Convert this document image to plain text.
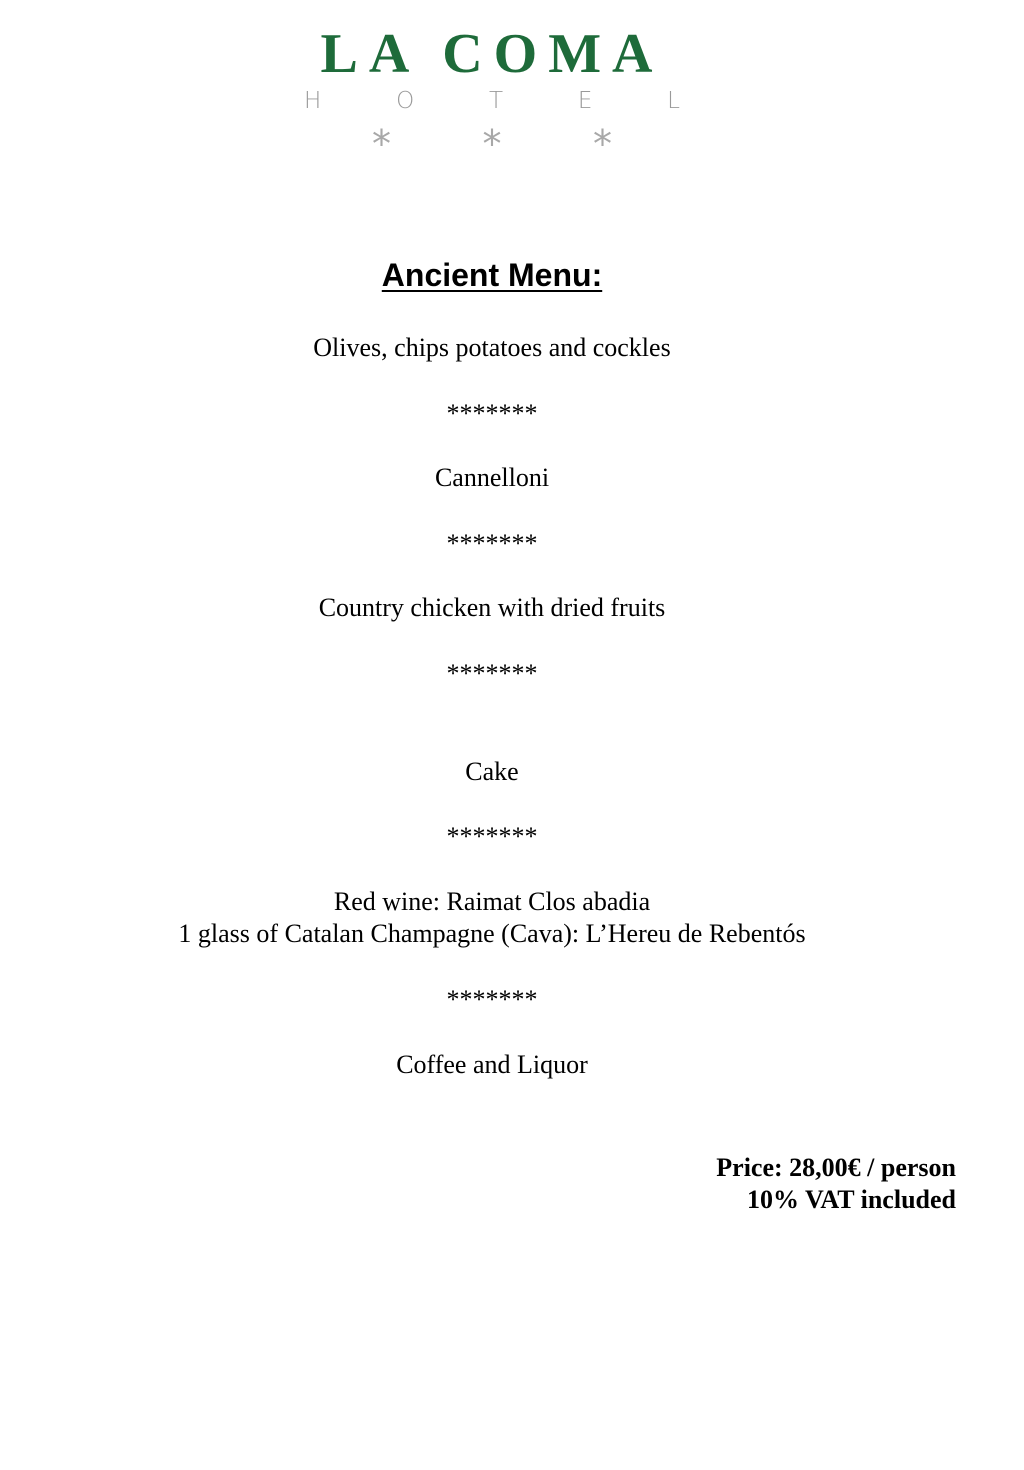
LA COMA
H	O	T	E	L
* * *
Ancient Menu:
Olives, chips potatoes and cockles
*******
Cannelloni
*******
Country chicken with dried fruits
*******
Cake
*******
Red wine: Raimat Clos abadia
1 glass of Catalan Champagne (Cava): L’Hereu de Rebentós
*******
Coffee and Liquor
Price: 28,00€ / person
10% VAT included
